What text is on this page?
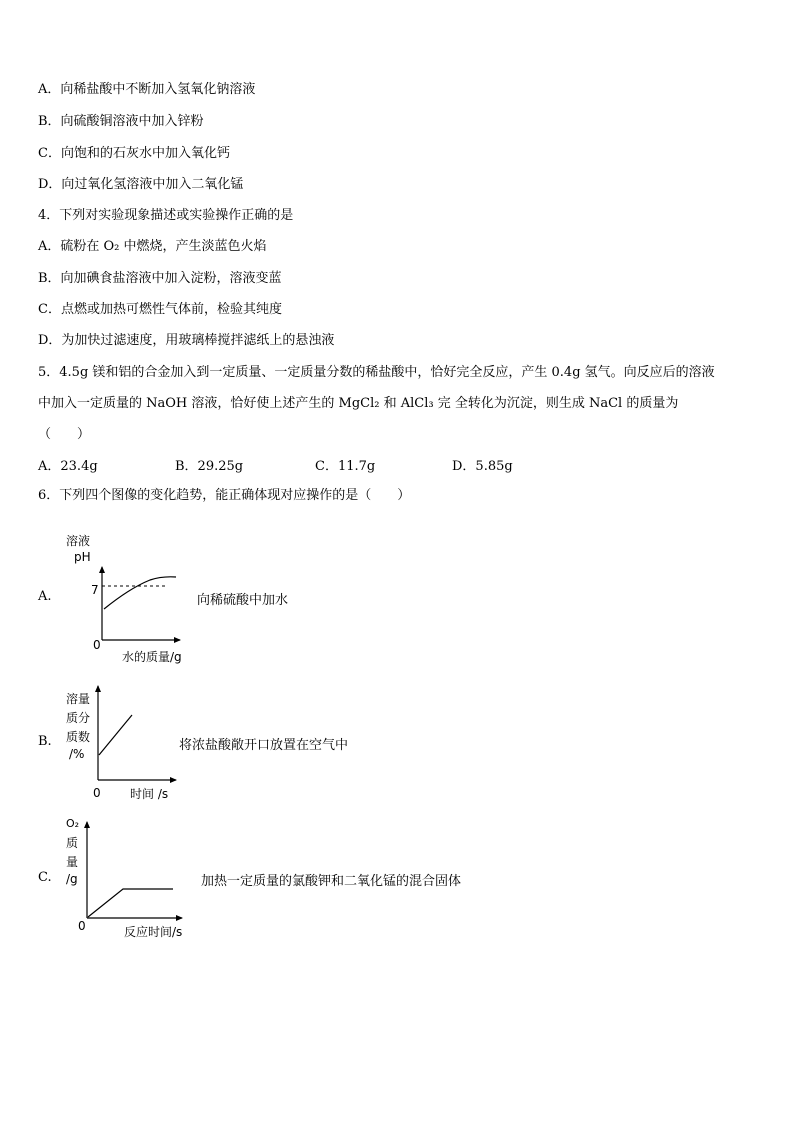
A．向稀盐酸中不断加入氢氧化钠溶液
B．向硫酸铜溶液中加入锌粉
C．向饱和的石灰水中加入氧化钙
D．向过氧化氢溶液中加入二氧化锰
4．下列对实验现象描述或实验操作正确的是
A．硫粉在 O₂ 中燃烧，产生淡蓝色火焰
B．向加碘食盐溶液中加入淀粉，溶液变蓝
C．点燃或加热可燃性气体前，检验其纯度
D．为加快过滤速度，用玻璃棒搅拌滤纸上的悬浊液
5．4.5g 镁和铝的合金加入到一定质量、一定质量分数的稀盐酸中，恰好完全反应，产生 0.4g 氢气。向反应后的溶液
中加入一定质量的 NaOH 溶液，恰好使上述产生的 MgCl₂ 和 AlCl₃ 完 全转化为沉淀，则生成 NaCl 的质量为
（　　）
A．23.4g	B．29.25g	C．11.7g	D．5.85g
6．下列四个图像的变化趋势，能正确体现对应操作的是（　　）
A.
溶液
pH
7
0
水的质量/g
向稀硫酸中加水
B.
溶量
质分
质数
/%
0 时间 /s
将浓盐酸敞开口放置在空气中
C.
O₂
质
量
/g
0	反应时间/s
加热一定质量的氯酸钾和二氧化锰的混合固体
